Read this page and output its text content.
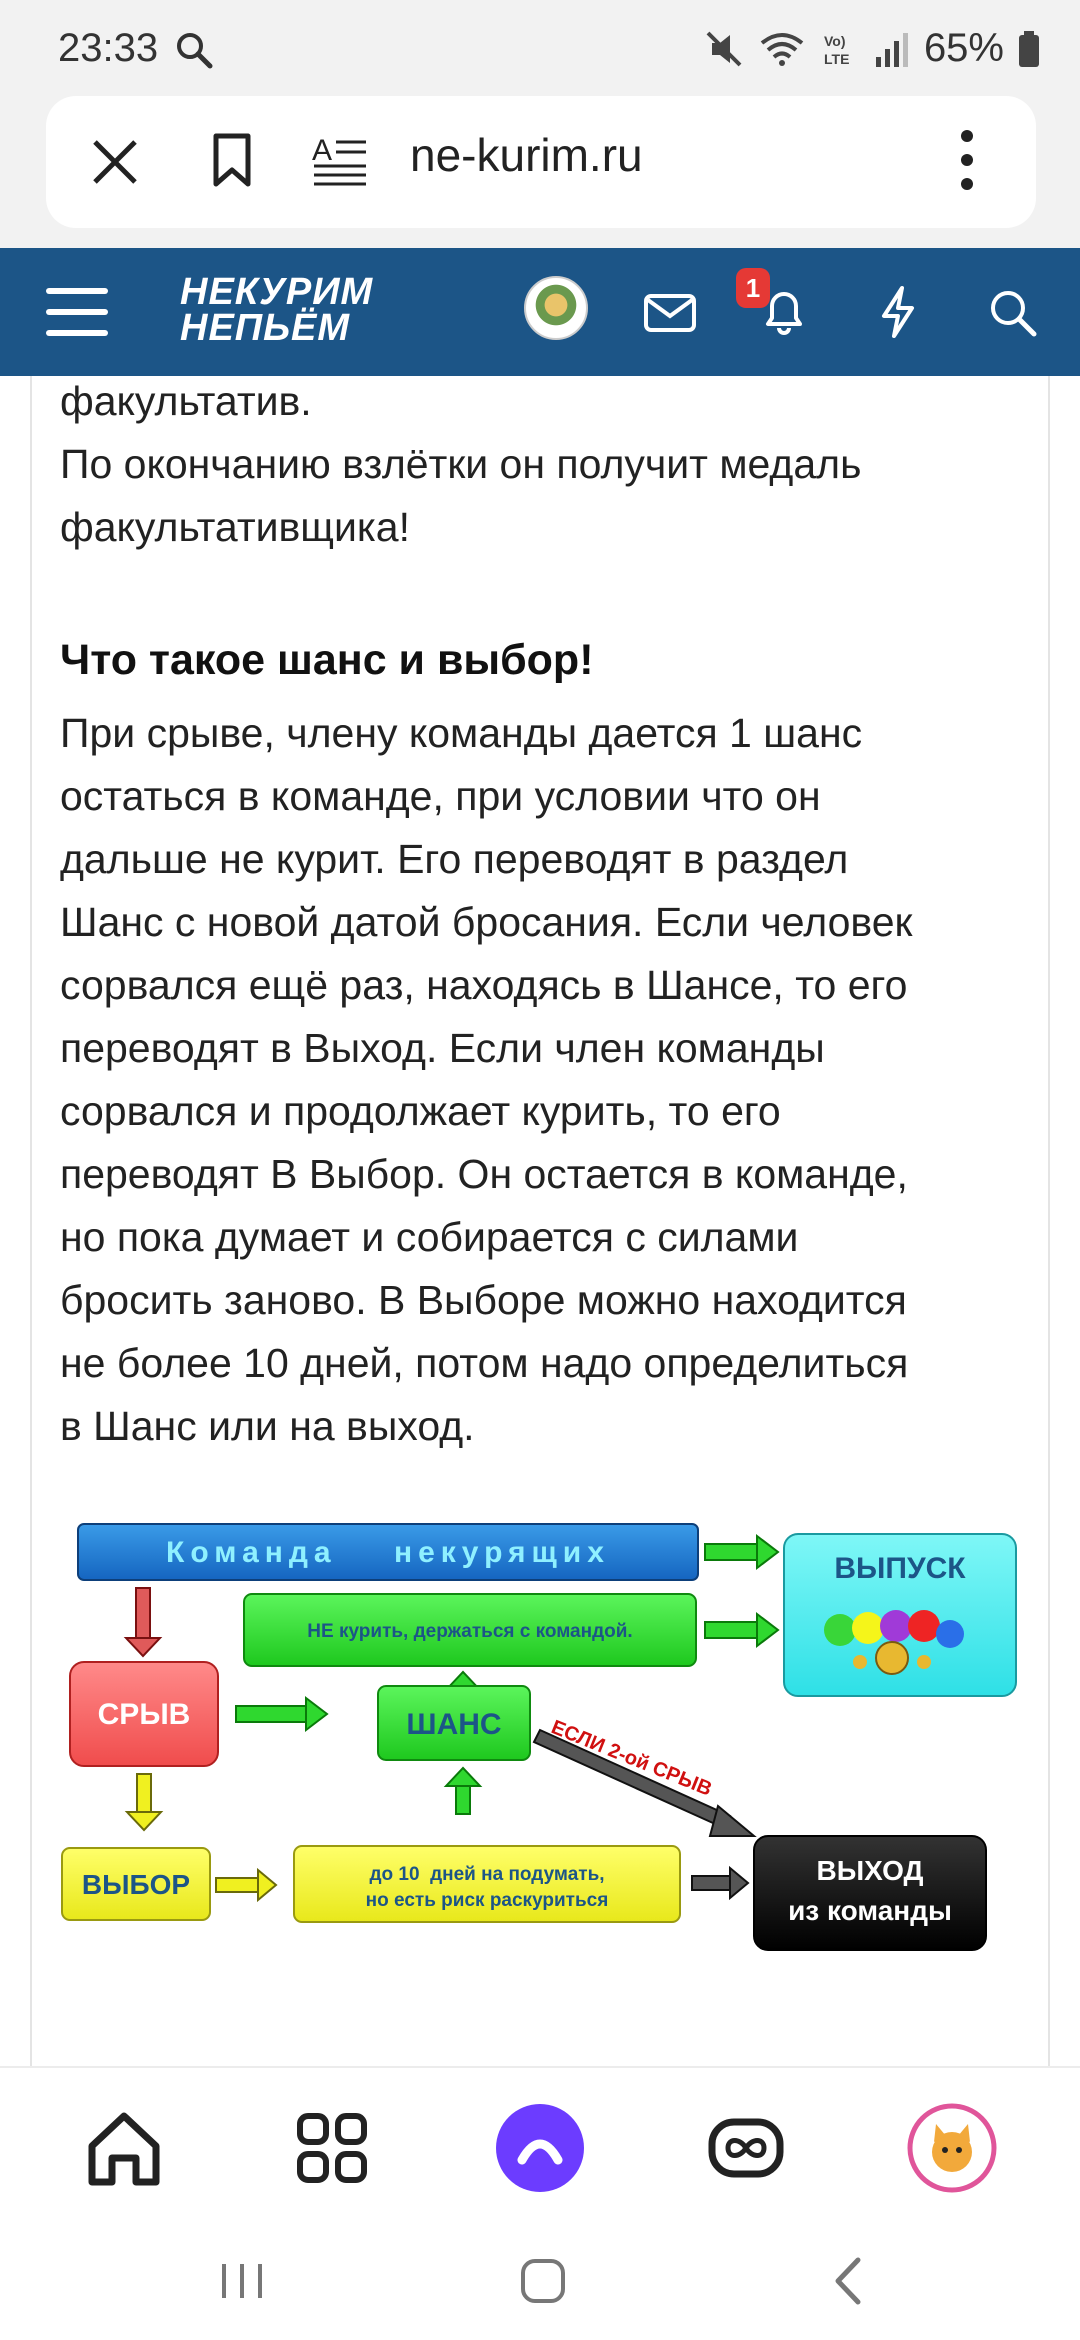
23:33	Vo)
LTE 65%
A ne-kurim.ru
НЕКУРИМ
НЕПЬЁМ
1
факультатив.
По окончанию взлётки он получит медаль
факультативщика!
Что такое шанс и выбор!
При срыве, члену команды дается 1 шанс
остаться в команде, при условии что он
дальше не курит. Его переводят в раздел
Шанс с новой датой бросания. Если человек
сорвался ещё раз, находясь в Шансе, то его
переводят в Выход. Если член команды
сорвался и продолжает курить, то его
переводят В Выбор. Он остается в команде,
но пока думает и собирается с силами
бросить заново. В Выборе можно находится
не более 10 дней, потом надо определиться
в Шанс или на выход.
Команда    некурящих	ВЫПУСК
НЕ курить, держаться с командой.
СРЫВ	ШАНС ЕСЛИ 2-ой СРЫВ
ВЫБОР	до 10  дней на подумать,
но есть риск раскуриться
ВЫХОД
из команды
